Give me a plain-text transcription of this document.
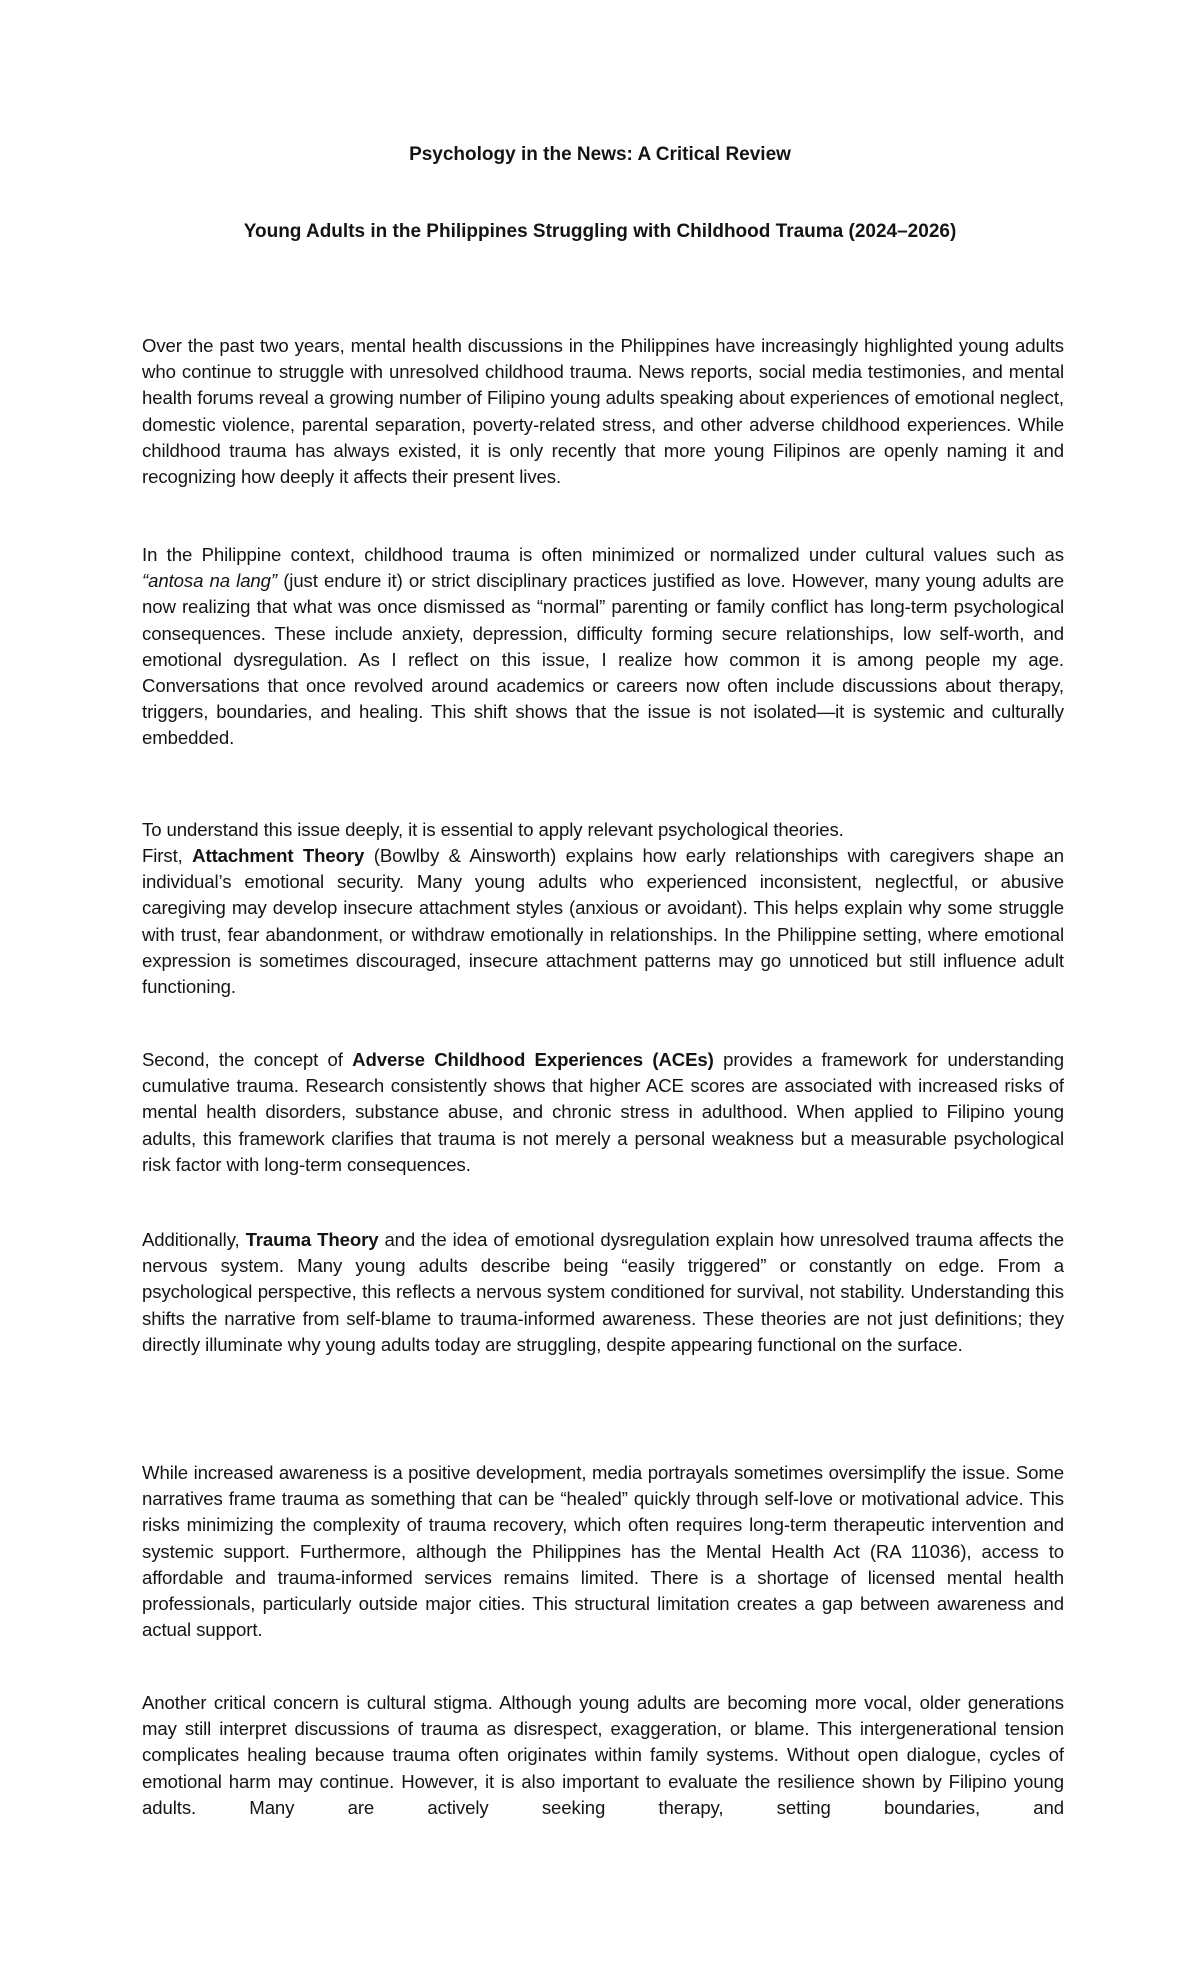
Psychology in the News: A Critical Review
Young Adults in the Philippines Struggling with Childhood Trauma (2024–2026)

Over the past two years, mental health discussions in the Philippines have increasingly highlighted young adults who continue to struggle with unresolved childhood trauma. News reports, social media testimonies, and mental health forums reveal a growing number of Filipino young adults speaking about experiences of emotional neglect, domestic violence, parental separation, poverty-related stress, and other adverse childhood experiences. While childhood trauma has always existed, it is only recently that more young Filipinos are openly naming it and recognizing how deeply it affects their present lives.

In the Philippine context, childhood trauma is often minimized or normalized under cultural values such as “antosa na lang” (just endure it) or strict disciplinary practices justified as love. However, many young adults are now realizing that what was once dismissed as “normal” parenting or family conflict has long-term psychological consequences. These include anxiety, depression, difficulty forming secure relationships, low self-worth, and emotional dysregulation. As I reflect on this issue, I realize how common it is among people my age. Conversations that once revolved around academics or careers now often include discussions about therapy, triggers, boundaries, and healing. This shift shows that the issue is not isolated—it is systemic and culturally embedded.

To understand this issue deeply, it is essential to apply relevant psychological theories.

First, Attachment Theory (Bowlby & Ainsworth) explains how early relationships with caregivers shape an individual’s emotional security. Many young adults who experienced inconsistent, neglectful, or abusive caregiving may develop insecure attachment styles (anxious or avoidant). This helps explain why some struggle with trust, fear abandonment, or withdraw emotionally in relationships. In the Philippine setting, where emotional expression is sometimes discouraged, insecure attachment patterns may go unnoticed but still influence adult functioning.

Second, the concept of Adverse Childhood Experiences (ACEs) provides a framework for understanding cumulative trauma. Research consistently shows that higher ACE scores are associated with increased risks of mental health disorders, substance abuse, and chronic stress in adulthood. When applied to Filipino young adults, this framework clarifies that trauma is not merely a personal weakness but a measurable psychological risk factor with long-term consequences.

Additionally, Trauma Theory and the idea of emotional dysregulation explain how unresolved trauma affects the nervous system. Many young adults describe being “easily triggered” or constantly on edge. From a psychological perspective, this reflects a nervous system conditioned for survival, not stability. Understanding this shifts the narrative from self-blame to trauma-informed awareness. These theories are not just definitions; they directly illuminate why young adults today are struggling, despite appearing functional on the surface.

While increased awareness is a positive development, media portrayals sometimes oversimplify the issue. Some narratives frame trauma as something that can be “healed” quickly through self-love or motivational advice. This risks minimizing the complexity of trauma recovery, which often requires long-term therapeutic intervention and systemic support. Furthermore, although the Philippines has the Mental Health Act (RA 11036), access to affordable and trauma-informed services remains limited. There is a shortage of licensed mental health professionals, particularly outside major cities. This structural limitation creates a gap between awareness and actual support.

Another critical concern is cultural stigma. Although young adults are becoming more vocal, older generations may still interpret discussions of trauma as disrespect, exaggeration, or blame. This intergenerational tension complicates healing because trauma often originates within family systems. Without open dialogue, cycles of emotional harm may continue. However, it is also important to evaluate the resilience shown by Filipino young adults. Many are actively seeking therapy, setting boundaries, and
